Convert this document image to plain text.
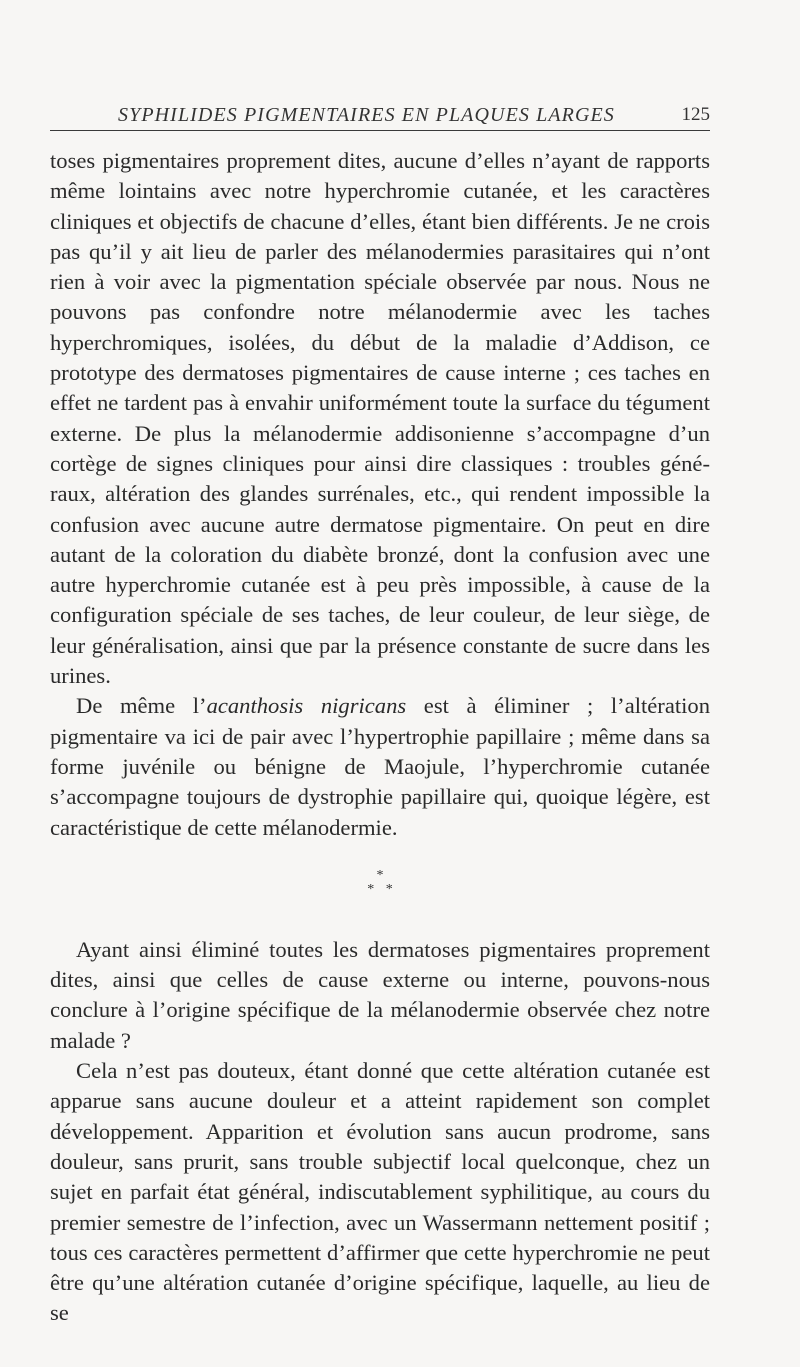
SYPHILIDES PIGMENTAIRES EN PLAQUES LARGES	125

toses pigmentaires proprement dites, aucune d’elles n’ayant de rapports même lointains avec notre hyperchromie cutanée, et les caractères cliniques et objectifs de chacune d’elles, étant bien différents. Je ne crois pas qu’il y ait lieu de parler des mélanodermies parasitaires qui n’ont rien à voir avec la pigmentation spéciale observée par nous. Nous ne pouvons pas confondre notre mélanodermie avec les taches hyperchromiques, isolées, du début de la maladie d’Addison, ce prototype des dermatoses pigmentaires de cause interne ; ces taches en effet ne tardent pas à envahir uniformément toute la surface du tégument externe. De plus la mélanodermie addisonienne s’accompagne d’un cortège de signes cliniques pour ainsi dire classiques : troubles généraux, altération des glandes surrénales, etc., qui rendent impossible la confusion avec aucune autre dermatose pigmentaire. On peut en dire autant de la coloration du diabète bronzé, dont la confusion avec une autre hyperchromie cutanée est à peu près impossible, à cause de la configuration spéciale de ses taches, de leur couleur, de leur siège, de leur généralisation, ainsi que par la présence constante de sucre dans les urines.

De même l’acanthosis nigricans est à éliminer ; l’altération pigmentaire va ici de pair avec l’hypertrophie papillaire ; même dans sa forme juvénile ou bénigne de Maojule, l’hyperchromie cutanée s’accompagne toujours de dystrophie papillaire qui, quoique légère, est caractéristique de cette mélanodermie.

*
* *

Ayant ainsi éliminé toutes les dermatoses pigmentaires proprement dites, ainsi que celles de cause externe ou interne, pouvons-nous conclure à l’origine spécifique de la mélanodermie observée chez notre malade ?

Cela n’est pas douteux, étant donné que cette altération cutanée est apparue sans aucune douleur et a atteint rapidement son complet développement. Apparition et évolution sans aucun prodrome, sans douleur, sans prurit, sans trouble subjectif local quelconque, chez un sujet en parfait état général, indiscutablement syphilitique, au cours du premier semestre de l’infection, avec un Wassermann nettement positif ; tous ces caractères permettent d’affirmer que cette hyperchromie ne peut être qu’une altération cutanée d’origine spécifique, laquelle, au lieu de se
